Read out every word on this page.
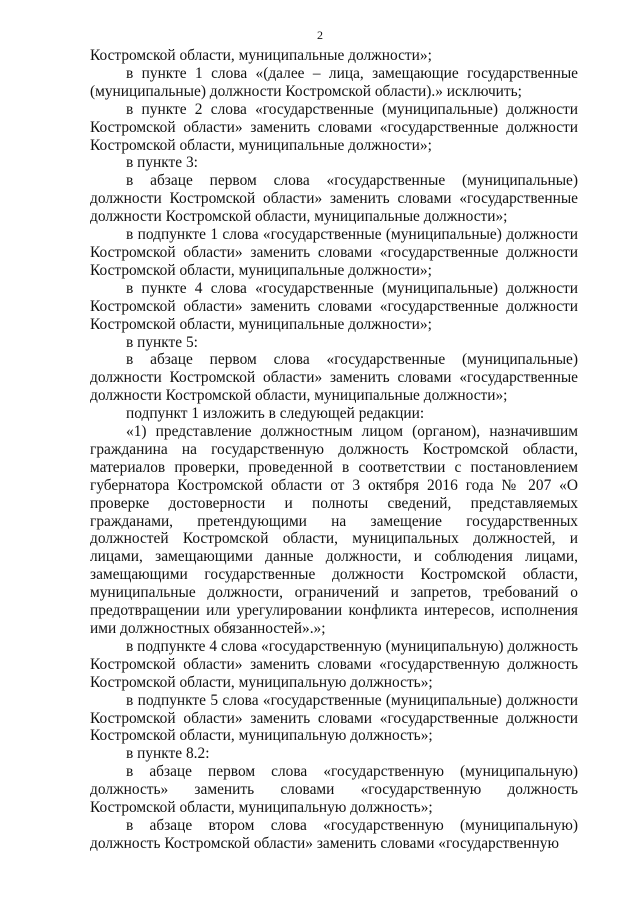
2

Костромской области, муниципальные должности»;

в пункте 1 слова «(далее – лица, замещающие государственные (муниципальные) должности Костромской области).» исключить;

в пункте 2 слова «государственные (муниципальные) должности Костромской области» заменить словами «государственные должности Костромской области, муниципальные должности»;

в пункте 3:

в абзаце первом слова «государственные (муниципальные) должности Костромской области» заменить словами «государственные должности Костромской области, муниципальные должности»;

в подпункте 1 слова «государственные (муниципальные) должности Костромской области» заменить словами «государственные должности Костромской области, муниципальные должности»;

в пункте 4 слова «государственные (муниципальные) должности Костромской области» заменить словами «государственные должности Костромской области, муниципальные должности»;

в пункте 5:

в абзаце первом слова «государственные (муниципальные) должности Костромской области» заменить словами «государственные должности Костромской области, муниципальные должности»;

подпункт 1 изложить в следующей редакции:

«1) представление должностным лицом (органом), назначившим гражданина на государственную должность Костромской области, материалов проверки, проведенной в соответствии с постановлением губернатора Костромской области от 3 октября 2016 года № 207 «О проверке достоверности и полноты сведений, представляемых гражданами, претендующими на замещение государственных должностей Костромской области, муниципальных должностей, и лицами, замещающими данные должности, и соблюдения лицами, замещающими государственные должности Костромской области, муниципальные должности, ограничений и запретов, требований о предотвращении или урегулировании конфликта интересов, исполнения ими должностных обязанностей».»;

в подпункте 4 слова «государственную (муниципальную) должность Костромской области» заменить словами «государственную должность Костромской области, муниципальную должность»;

в подпункте 5 слова «государственные (муниципальные) должности Костромской области» заменить словами «государственные должности Костромской области, муниципальную должность»;

в пункте 8.2:

в абзаце первом слова «государственную (муниципальную) должность» заменить словами «государственную должность Костромской области, муниципальную должность»;

в абзаце втором слова «государственную (муниципальную) должность Костромской области» заменить словами «государственную
